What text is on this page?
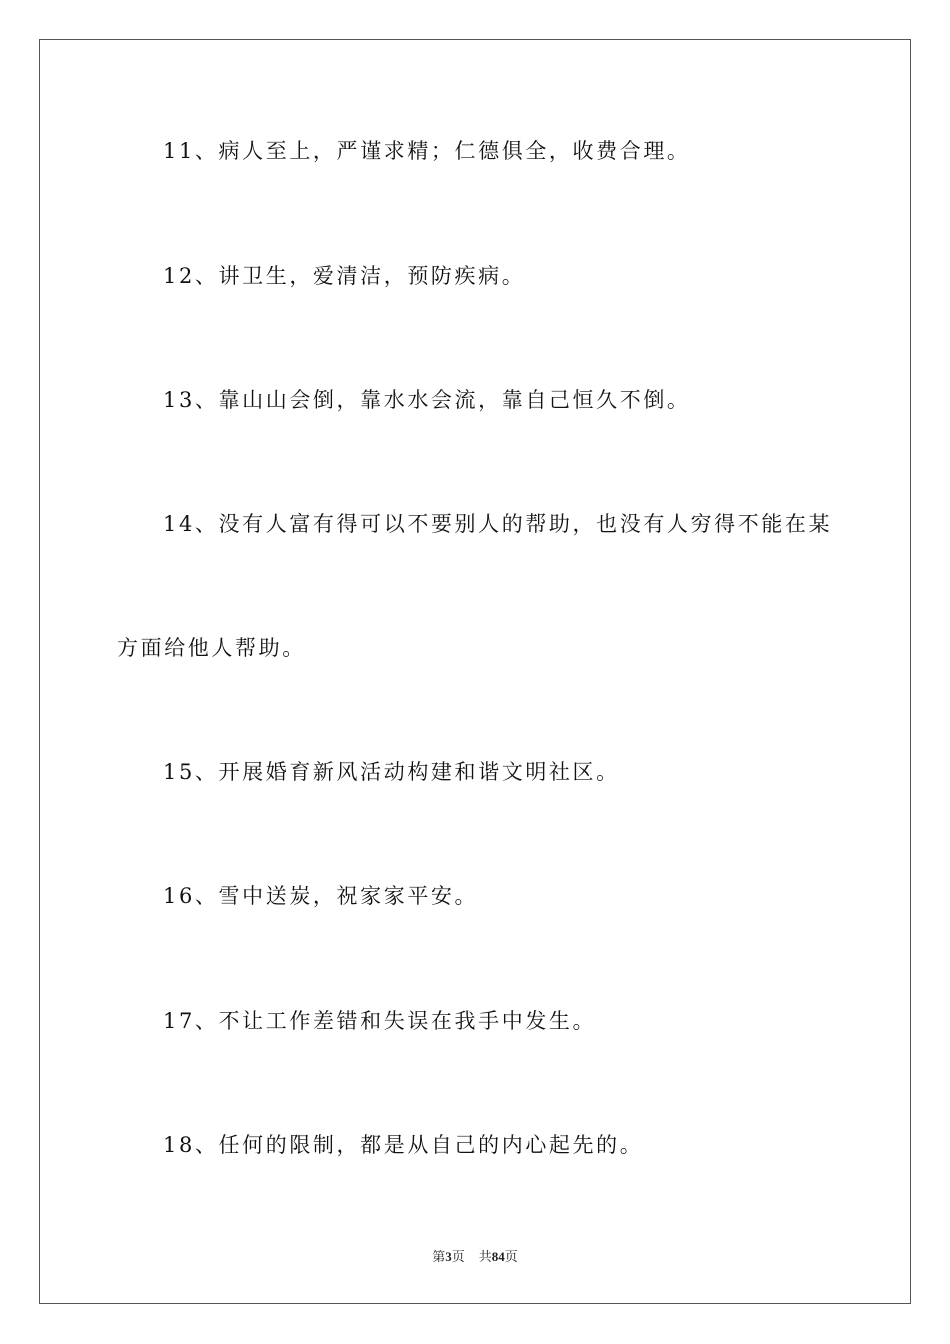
11、病人至上，严谨求精；仁德俱全，收费合理。
12、讲卫生，爱清洁，预防疾病。
13、靠山山会倒，靠水水会流，靠自己恒久不倒。
14、没有人富有得可以不要别人的帮助，也没有人穷得不能在某
方面给他人帮助。
15、开展婚育新风活动构建和谐文明社区。
16、雪中送炭，祝家家平安。
17、不让工作差错和失误在我手中发生。
18、任何的限制，都是从自己的内心起先的。
第3页 共84页
